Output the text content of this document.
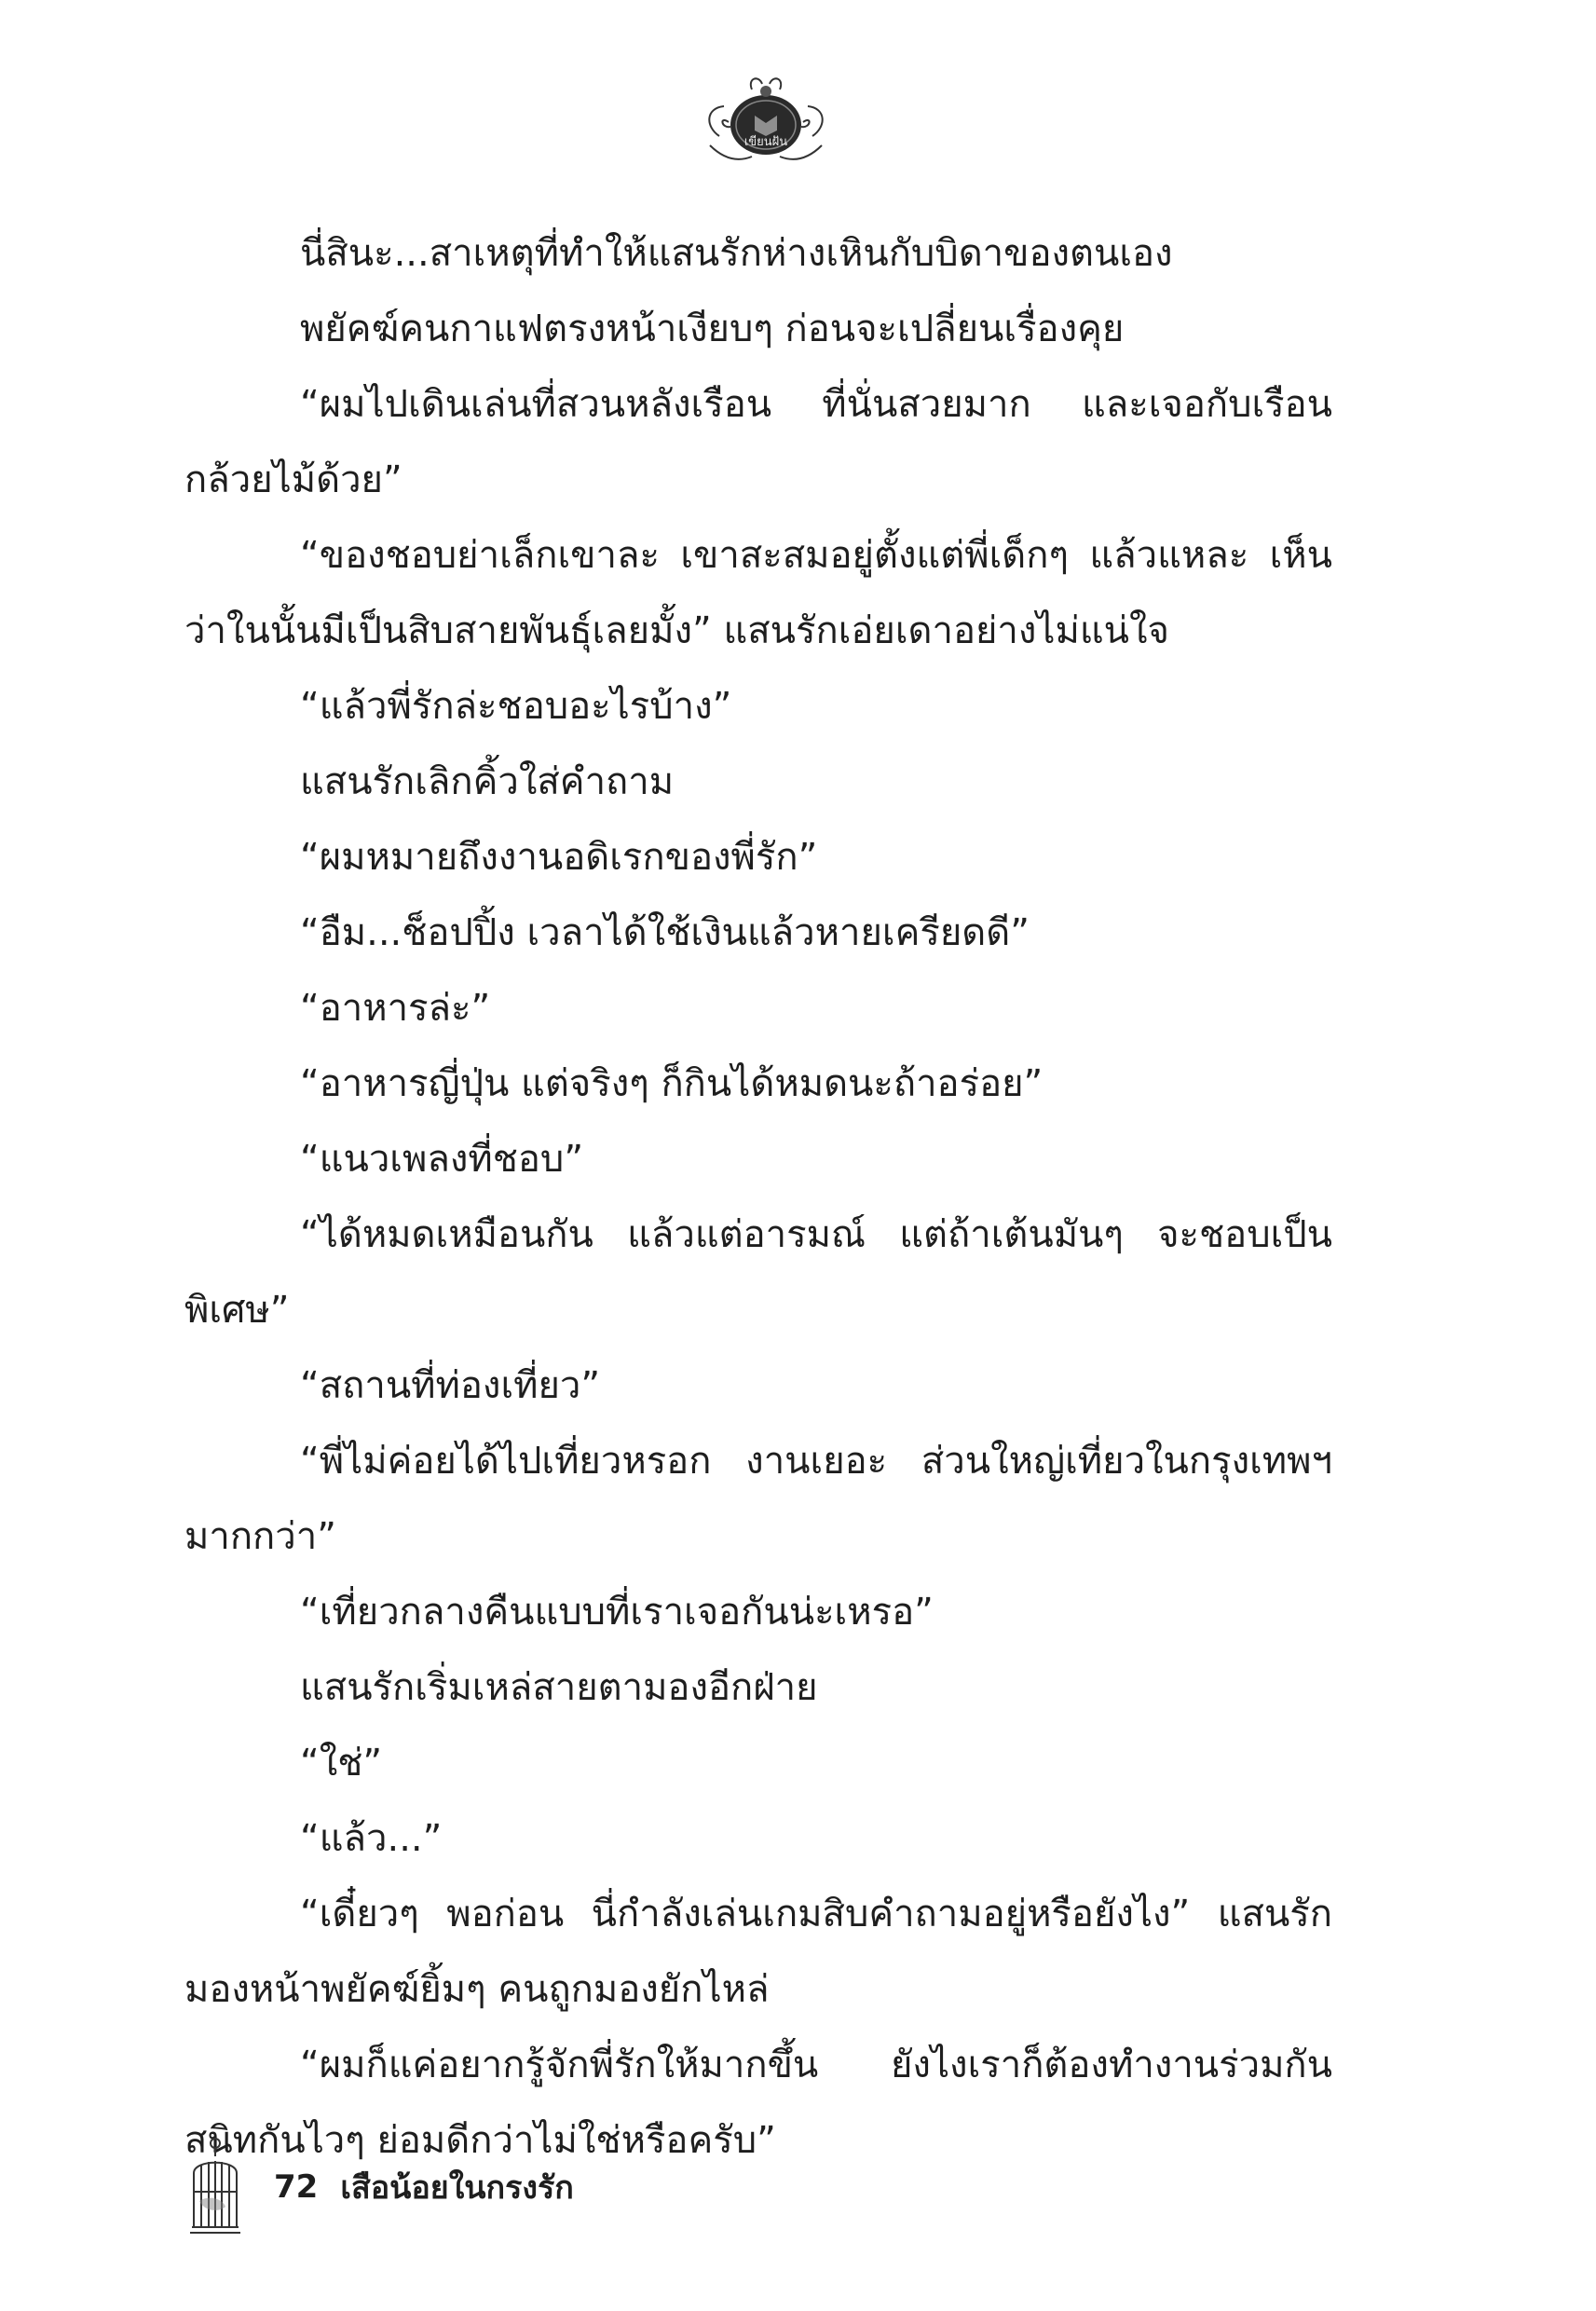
เขียนฝัน

นี่สินะ...สาเหตุที่ทำให้แสนรักห่างเหินกับบิดาของตนเอง

พยัคฆ์คนกาแฟตรงหน้าเงียบๆ ก่อนจะเปลี่ยนเรื่องคุย

“ผมไปเดินเล่นที่สวนหลังเรือน ที่นั่นสวยมาก และเจอกับเรือนกล้วยไม้ด้วย”

“ของชอบย่าเล็กเขาละ เขาสะสมอยู่ตั้งแต่พี่เด็กๆ แล้วแหละ เห็นว่าในนั้นมีเป็นสิบสายพันธุ์เลยมั้ง” แสนรักเอ่ยเดาอย่างไม่แน่ใจ

“แล้วพี่รักล่ะชอบอะไรบ้าง”

แสนรักเลิกคิ้วใส่คำถาม

“ผมหมายถึงงานอดิเรกของพี่รัก”

“อืม...ช็อปปิ้ง เวลาได้ใช้เงินแล้วหายเครียดดี”

“อาหารล่ะ”

“อาหารญี่ปุ่น แต่จริงๆ ก็กินได้หมดนะถ้าอร่อย”

“แนวเพลงที่ชอบ”

“ได้หมดเหมือนกัน แล้วแต่อารมณ์ แต่ถ้าเต้นมันๆ จะชอบเป็นพิเศษ”

“สถานที่ท่องเที่ยว”

“พี่ไม่ค่อยได้ไปเที่ยวหรอก งานเยอะ ส่วนใหญ่เที่ยวในกรุงเทพฯ มากกว่า”

“เที่ยวกลางคืนแบบที่เราเจอกันน่ะเหรอ”

แสนรักเริ่มเหล่สายตามองอีกฝ่าย

“ใช่”

“แล้ว...”

“เดี๋ยวๆ พอก่อน นี่กำลังเล่นเกมสิบคำถามอยู่หรือยังไง” แสนรักมองหน้าพยัคฆ์ยิ้มๆ คนถูกมองยักไหล่

“ผมก็แค่อยากรู้จักพี่รักให้มากขึ้น ยังไงเราก็ต้องทำงานร่วมกัน สนิทกันไวๆ ย่อมดีกว่าไม่ใช่หรือครับ”

72 เสือน้อยในกรงรัก
